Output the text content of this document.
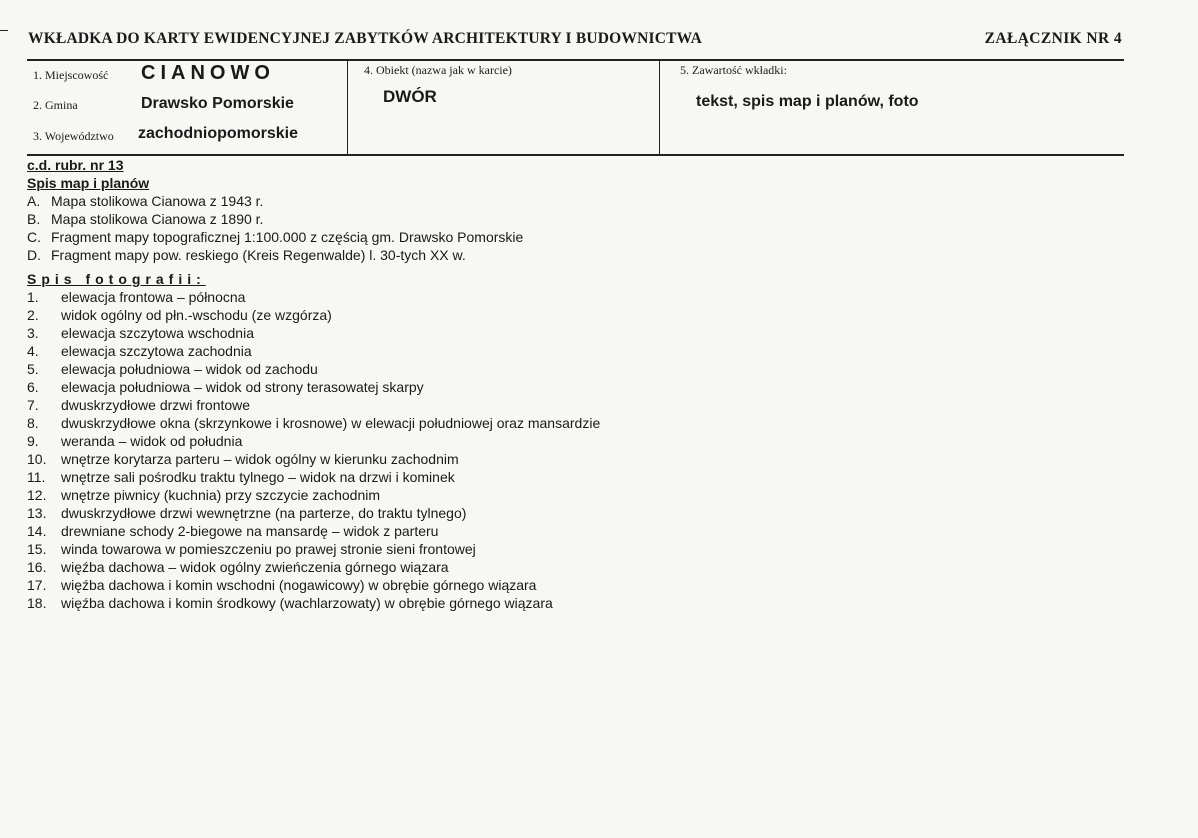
WKŁADKA DO KARTY EWIDENCYJNEJ ZABYTKÓW ARCHITEKTURY I BUDOWNICTWA	ZAŁĄCZNIK NR 4
1. Miejscowość CIANOWO
2. Gmina	Drawsko Pomorskie
3. Województwo zachodniopomorskie
4. Obiekt (nazwa jak w karcie)
DWÓR
5. Zawartość wkładki:
tekst, spis map i planów, foto
c.d. rubr. nr 13
Spis map i planów
A. Mapa stolikowa Cianowa z 1943 r.
B. Mapa stolikowa Cianowa z 1890 r.
C. Fragment mapy topograficznej 1:100.000 z częścią gm. Drawsko Pomorskie
D. Fragment mapy pow. reskiego (Kreis Regenwalde) l. 30-tych XX w.
Spis fotografii:
1.	elewacja frontowa – północna
2.	widok ogólny od płn.-wschodu (ze wzgórza)
3.	elewacja szczytowa wschodnia
4.	elewacja szczytowa zachodnia
5.	elewacja południowa – widok od zachodu
6.	elewacja południowa – widok od strony terasowatej skarpy
7.	dwuskrzydłowe drzwi frontowe
8.	dwuskrzydłowe okna (skrzynkowe i krosnowe) w elewacji południowej oraz mansardzie
9.	weranda – widok od południa
10.	wnętrze korytarza parteru – widok ogólny w kierunku zachodnim
11.	wnętrze sali pośrodku traktu tylnego – widok na drzwi i kominek
12.	wnętrze piwnicy (kuchnia) przy szczycie zachodnim
13.	dwuskrzydłowe drzwi wewnętrzne (na parterze, do traktu tylnego)
14.	drewniane schody 2-biegowe na mansardę – widok z parteru
15.	winda towarowa w pomieszczeniu po prawej stronie sieni frontowej
16.	więźba dachowa – widok ogólny zwieńczenia górnego wiązara
17.	więźba dachowa i komin wschodni (nogawicowy) w obrębie górnego wiązara
18.	więźba dachowa i komin środkowy (wachlarzowaty) w obrębie górnego wiązara
